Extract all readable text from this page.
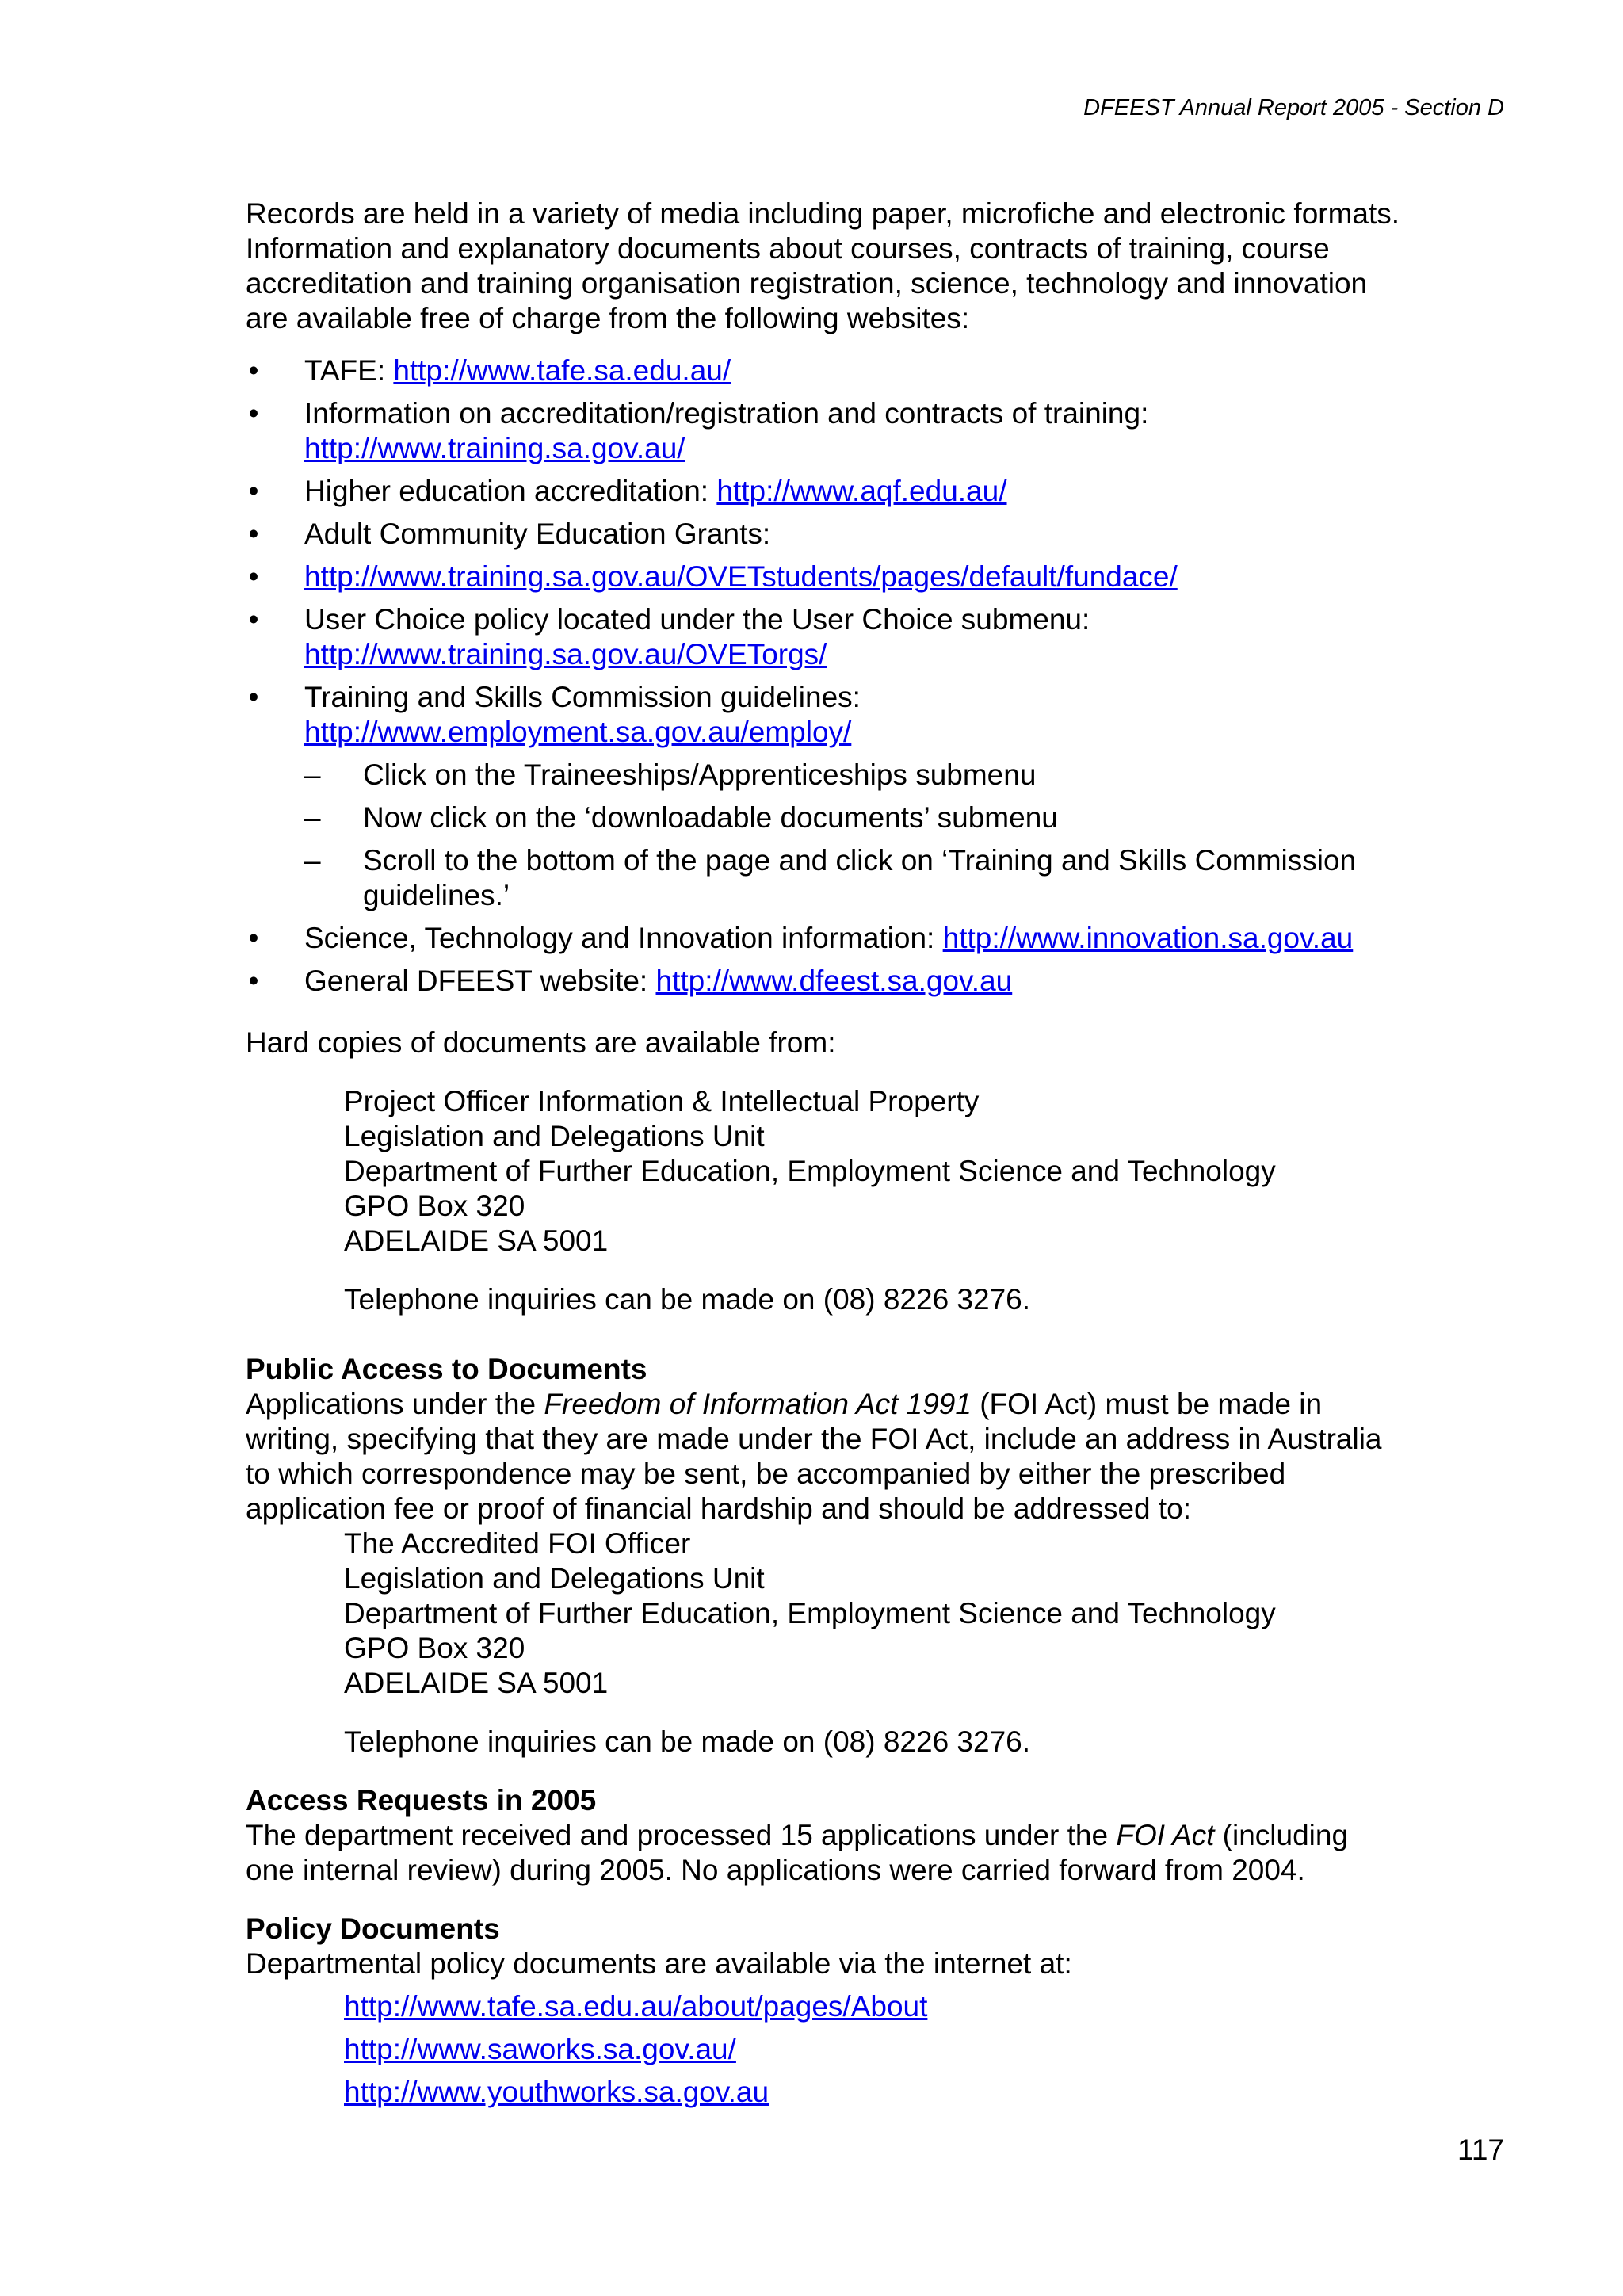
DFEEST Annual Report 2005 - Section D

Records are held in a variety of media including paper, microfiche and electronic formats. Information and explanatory documents about courses, contracts of training, course accreditation and training organisation registration, science, technology and innovation are available free of charge from the following websites:

• TAFE: http://www.tafe.sa.edu.au/
• Information on accreditation/registration and contracts of training:
http://www.training.sa.gov.au/
• Higher education accreditation: http://www.aqf.edu.au/
• Adult Community Education Grants:
• http://www.training.sa.gov.au/OVETstudents/pages/default/fundace/
• User Choice policy located under the User Choice submenu:
http://www.training.sa.gov.au/OVETorgs/
• Training and Skills Commission guidelines:
http://www.employment.sa.gov.au/employ/
– Click on the Traineeships/Apprenticeships submenu
– Now click on the ‘downloadable documents’ submenu
– Scroll to the bottom of the page and click on ‘Training and Skills Commission guidelines.’
• Science, Technology and Innovation information: http://www.innovation.sa.gov.au
• General DFEEST website: http://www.dfeest.sa.gov.au

Hard copies of documents are available from:

Project Officer Information & Intellectual Property
Legislation and Delegations Unit
Department of Further Education, Employment Science and Technology
GPO Box 320
ADELAIDE SA 5001
Telephone inquiries can be made on (08) 8226 3276.
Public Access to Documents

Applications under the Freedom of Information Act 1991 (FOI Act) must be made in writing, specifying that they are made under the FOI Act, include an address in Australia to which correspondence may be sent, be accompanied by either the prescribed application fee or proof of financial hardship and should be addressed to:

The Accredited FOI Officer
Legislation and Delegations Unit
Department of Further Education, Employment Science and Technology
GPO Box 320
ADELAIDE SA 5001
Telephone inquiries can be made on (08) 8226 3276.
Access Requests in 2005

The department received and processed 15 applications under the FOI Act (including one internal review) during 2005. No applications were carried forward from 2004.

Policy Documents

Departmental policy documents are available via the internet at:

http://www.tafe.sa.edu.au/about/pages/About
http://www.saworks.sa.gov.au/
http://www.youthworks.sa.gov.au
117
